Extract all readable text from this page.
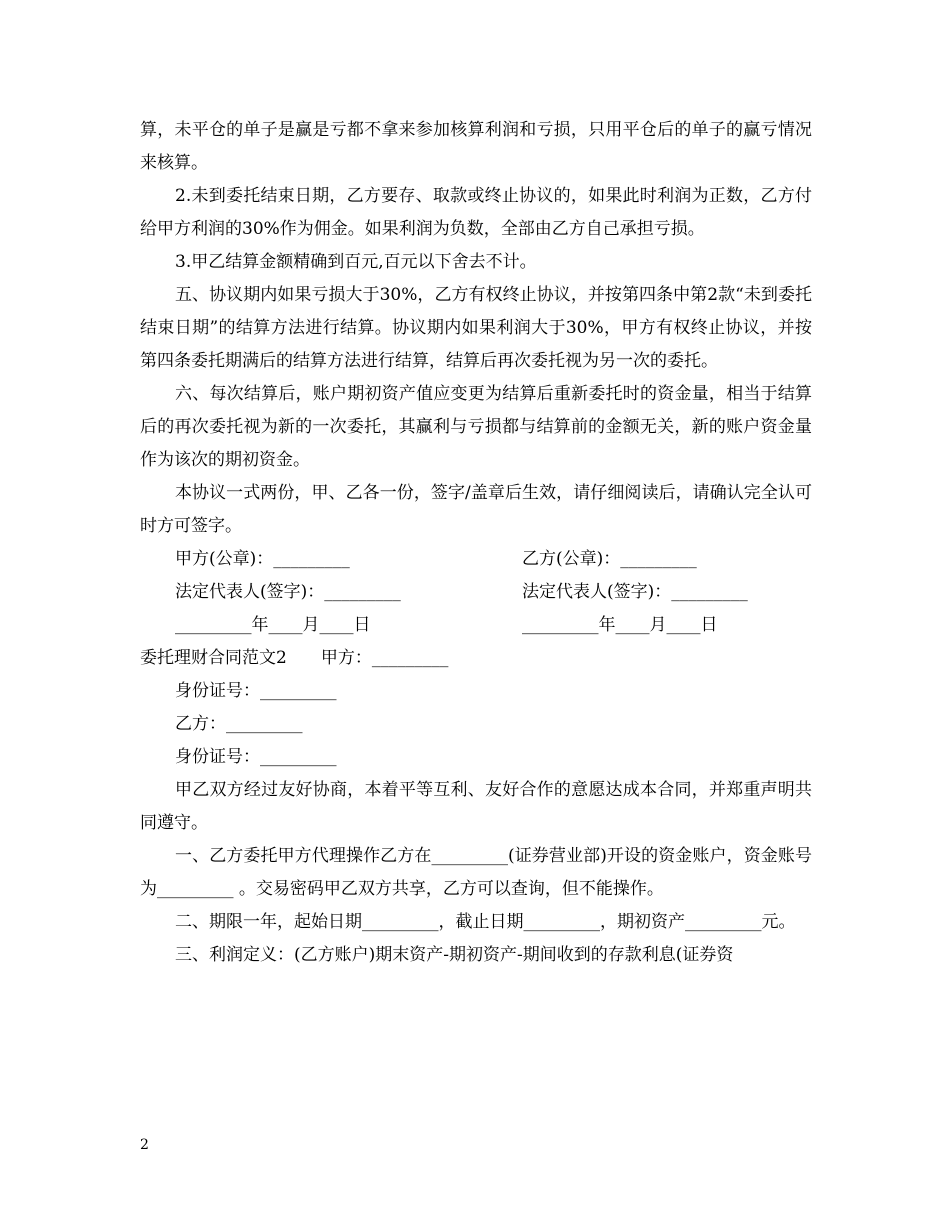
算，未平仓的单子是赢是亏都不拿来参加核算利润和亏损，只用平仓后的单子的赢亏情况来核算。

2.未到委托结束日期，乙方要存、取款或终止协议的，如果此时利润为正数，乙方付给甲方利润的30%作为佣金。如果利润为负数，全部由乙方自己承担亏损。

3.甲乙结算金额精确到百元,百元以下舍去不计。

五、协议期内如果亏损大于30%，乙方有权终止协议，并按第四条中第2款“未到委托结束日期”的结算方法进行结算。协议期内如果利润大于30%，甲方有权终止协议，并按第四条委托期满后的结算方法进行结算，结算后再次委托视为另一次的委托。

六、每次结算后，账户期初资产值应变更为结算后重新委托时的资金量，相当于结算后的再次委托视为新的一次委托，其赢利与亏损都与结算前的金额无关，新的账户资金量作为该次的期初资金。

本协议一式两份，甲、乙各一份，签字/盖章后生效，请仔细阅读后，请确认完全认可时方可签字。

甲方(公章)：_________	乙方(公章)：_________
法定代表人(签字)：_________	法定代表人(签字)：_________
_________年____月____日	_________年____月____日
委托理财合同范文2　　甲方：_________
身份证号：_________
乙方：_________
身份证号：_________

甲乙双方经过友好协商，本着平等互利、友好合作的意愿达成本合同，并郑重声明共同遵守。

一、乙方委托甲方代理操作乙方在_________(证券营业部)开设的资金账户，资金账号为_________ 。交易密码甲乙双方共享，乙方可以查询，但不能操作。

二、期限一年，起始日期_________，截止日期_________，期初资产_________元。

三、利润定义：(乙方账户)期末资产-期初资产-期间收到的存款利息(证券资

2
